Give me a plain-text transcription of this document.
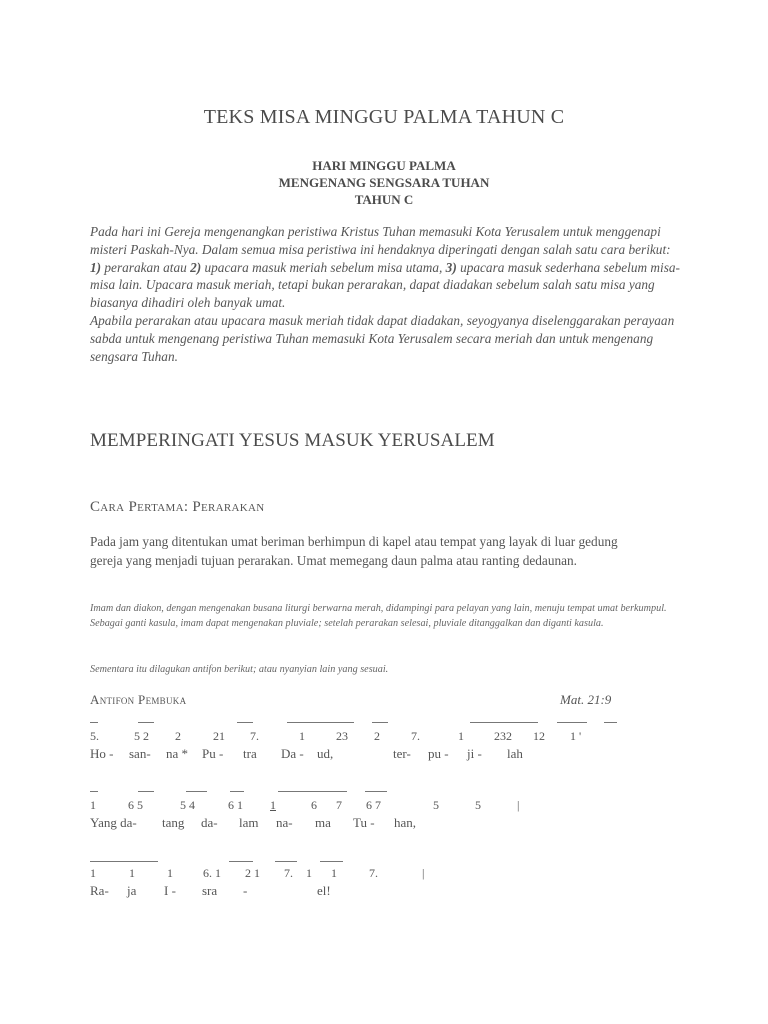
TEKS MISA MINGGU PALMA TAHUN C
HARI MINGGU PALMA
MENGENANG SENGSARA TUHAN
TAHUN C

Pada hari ini Gereja mengenangkan peristiwa Kristus Tuhan memasuki Kota Yerusalem untuk menggenapi misteri Paskah-Nya. Dalam semua misa peristiwa ini hendaknya diperingati dengan salah satu cara berikut: 1) perarakan atau 2) upacara masuk meriah sebelum misa utama, 3) upacara masuk sederhana sebelum misa-misa lain. Upacara masuk meriah, tetapi bukan perarakan, dapat diadakan sebelum salah satu misa yang biasanya dihadiri oleh banyak umat.

Apabila perarakan atau upacara masuk meriah tidak dapat diadakan, seyogyanya diselenggarakan perayaan sabda untuk mengenang peristiwa Tuhan memasuki Kota Yerusalem secara meriah dan untuk mengenang sengsara Tuhan.

MEMPERINGATI YESUS MASUK YERUSALEM
Cara Pertama: Perarakan

Pada jam yang ditentukan umat beriman berhimpun di kapel atau tempat yang layak di luar gedung gereja yang menjadi tujuan perarakan. Umat memegang daun palma atau ranting dedaunan.

Imam dan diakon, dengan mengenakan busana liturgi berwarna merah, didampingi para pelayan yang lain, menuju tempat umat berkumpul. Sebagai ganti kasula, imam dapat mengenakan pluviale; setelah perarakan selesai, pluviale ditanggalkan dan diganti kasula.

Sementara itu dilagukan antifon berikut; atau nyanyian lain yang sesuai.

Antifon Pembuka	Mat. 21:9
5.	5 2 2	21 7.	1	23 2	7.	1	232 12 1 '
Ho - san- na * Pu - tra Da - ud,	ter- pu - ji - lah
1	6 5	5 4	6 1 1	6 7 6 7	5	5	|
Yang da- tang da- lam na- ma Tu - han,
1	1	1	6. 1 2 1 7. 1 1	7.	|
Ra- ja I - sra -	el!
